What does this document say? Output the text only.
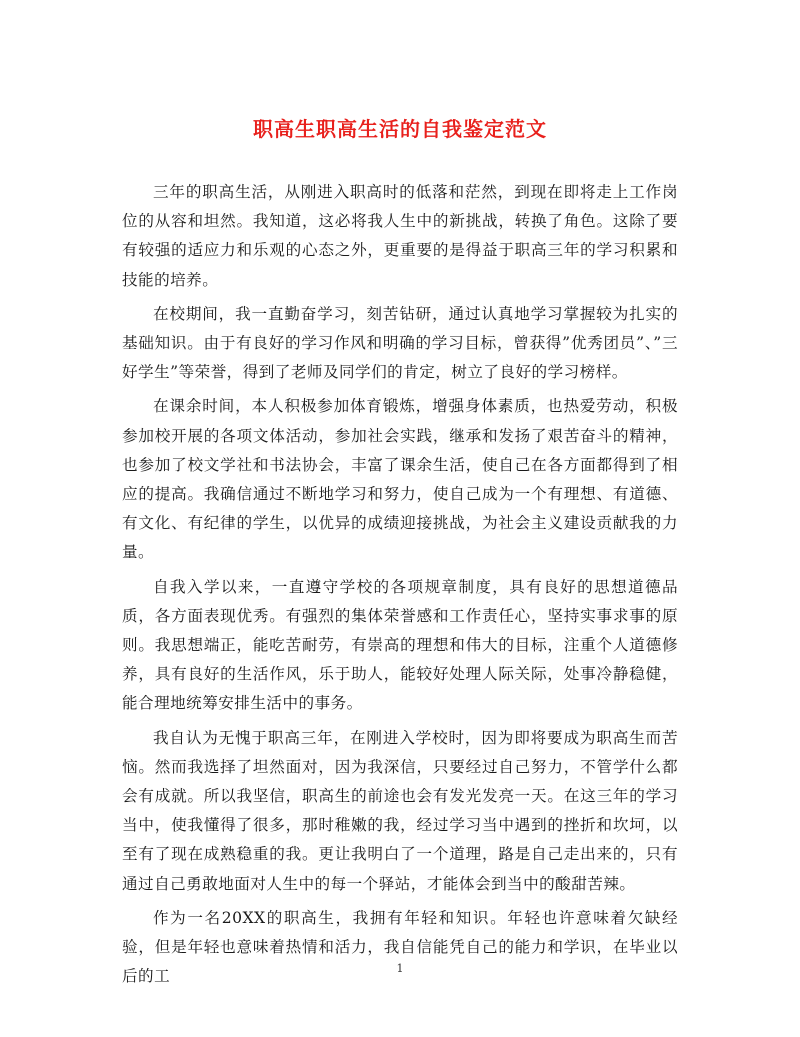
职高生职高生活的自我鉴定范文

三年的职高生活，从刚进入职高时的低落和茫然，到现在即将走上工作岗位的从容和坦然。我知道，这必将我人生中的新挑战，转换了角色。这除了要有较强的适应力和乐观的心态之外，更重要的是得益于职高三年的学习积累和技能的培养。

在校期间，我一直勤奋学习，刻苦钻研，通过认真地学习掌握较为扎实的基础知识。由于有良好的学习作风和明确的学习目标，曾获得”优秀团员”、”三好学生”等荣誉，得到了老师及同学们的肯定，树立了良好的学习榜样。

在课余时间，本人积极参加体育锻炼，增强身体素质，也热爱劳动，积极参加校开展的各项文体活动，参加社会实践，继承和发扬了艰苦奋斗的精神，也参加了校文学社和书法协会，丰富了课余生活，使自己在各方面都得到了相应的提高。我确信通过不断地学习和努力，使自己成为一个有理想、有道德、有文化、有纪律的学生，以优异的成绩迎接挑战，为社会主义建设贡献我的力量。

自我入学以来，一直遵守学校的各项规章制度，具有良好的思想道德品质，各方面表现优秀。有强烈的集体荣誉感和工作责任心，坚持实事求事的原则。我思想端正，能吃苦耐劳，有崇高的理想和伟大的目标，注重个人道德修养，具有良好的生活作风，乐于助人，能较好处理人际关际，处事冷静稳健，能合理地统筹安排生活中的事务。

我自认为无愧于职高三年，在刚进入学校时，因为即将要成为职高生而苦恼。然而我选择了坦然面对，因为我深信，只要经过自己努力，不管学什么都会有成就。所以我坚信，职高生的前途也会有发光发亮一天。在这三年的学习当中，使我懂得了很多，那时稚嫩的我，经过学习当中遇到的挫折和坎坷，以至有了现在成熟稳重的我。更让我明白了一个道理，路是自己走出来的，只有通过自己勇敢地面对人生中的每一个驿站，才能体会到当中的酸甜苦辣。

作为一名20XX的职高生，我拥有年轻和知识。年轻也许意味着欠缺经验，但是年轻也意味着热情和活力，我自信能凭自己的能力和学识，在毕业以后的工	1
